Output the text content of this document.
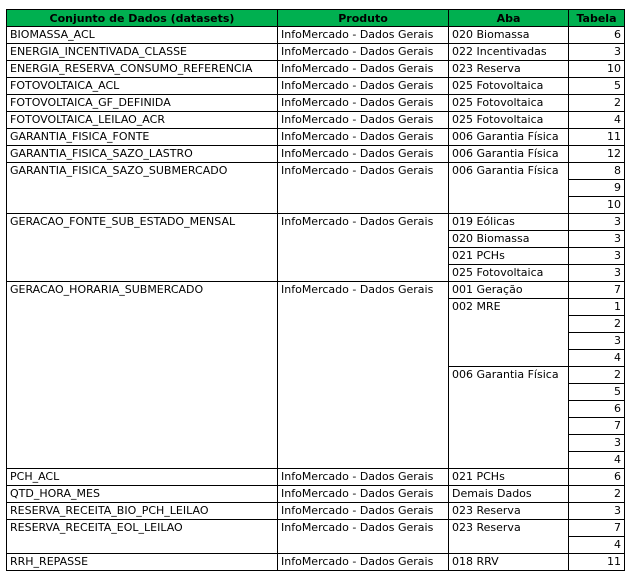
Conjunto de Dados (datasets)	Produto	Aba	Tabela
BIOMASSA_ACL	InfoMercado - Dados Gerais	020 Biomassa	6
ENERGIA_INCENTIVADA_CLASSE	InfoMercado - Dados Gerais	022 Incentivadas	3
ENERGIA_RESERVA_CONSUMO_REFERENCIA	InfoMercado - Dados Gerais	023 Reserva	10
FOTOVOLTAICA_ACL	InfoMercado - Dados Gerais	025 Fotovoltaica	5
FOTOVOLTAICA_GF_DEFINIDA	InfoMercado - Dados Gerais	025 Fotovoltaica	2
FOTOVOLTAICA_LEILAO_ACR	InfoMercado - Dados Gerais	025 Fotovoltaica	4
GARANTIA_FISICA_FONTE	InfoMercado - Dados Gerais	006 Garantia Física	11
GARANTIA_FISICA_SAZO_LASTRO	InfoMercado - Dados Gerais	006 Garantia Física	12
GARANTIA_FISICA_SAZO_SUBMERCADO	InfoMercado - Dados Gerais	006 Garantia Física	8
			9
			10
GERACAO_FONTE_SUB_ESTADO_MENSAL	InfoMercado - Dados Gerais	019 Eólicas	3
		020 Biomassa	3
		021 PCHs	3
		025 Fotovoltaica	3
GERACAO_HORARIA_SUBMERCADO	InfoMercado - Dados Gerais	001 Geração	7
		002 MRE	1
			2
			3
			4
		006 Garantia Física	2
			5
			6
			7
			3
			4
PCH_ACL	InfoMercado - Dados Gerais	021 PCHs	6
QTD_HORA_MES	InfoMercado - Dados Gerais	Demais Dados	2
RESERVA_RECEITA_BIO_PCH_LEILAO	InfoMercado - Dados Gerais	023 Reserva	3
RESERVA_RECEITA_EOL_LEILAO	InfoMercado - Dados Gerais	023 Reserva	7
			4
RRH_REPASSE	InfoMercado - Dados Gerais	018 RRV	11
